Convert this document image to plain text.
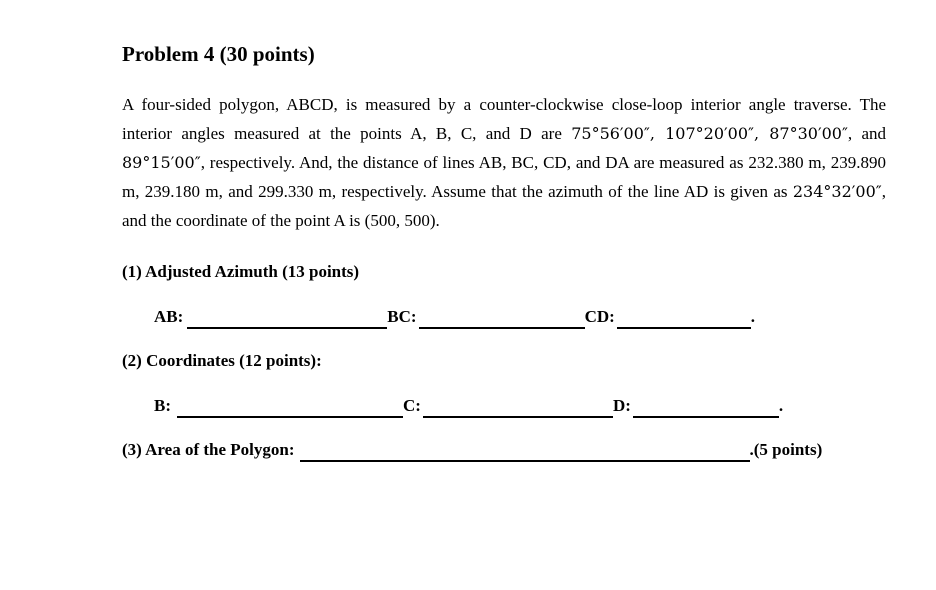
Problem 4 (30 points)

A four-sided polygon, ABCD, is measured by a counter-clockwise close-loop interior angle traverse. The interior angles measured at the points A, B, C, and D are 75°56′00″, 107°20′00″, 87°30′00″, and 89°15′00″, respectively. And, the distance of lines AB, BC, CD, and DA are measured as 232.380 m, 239.890 m, 239.180 m, and 299.330 m, respectively. Assume that the azimuth of the line AD is given as 234°32′00″, and the coordinate of the point A is (500, 500).

(1) Adjusted Azimuth (13 points)
AB:	BC:	CD:	.
(2) Coordinates (12 points):
B:	C:	D:	.
(3) Area of the Polygon:	. (5 points)
